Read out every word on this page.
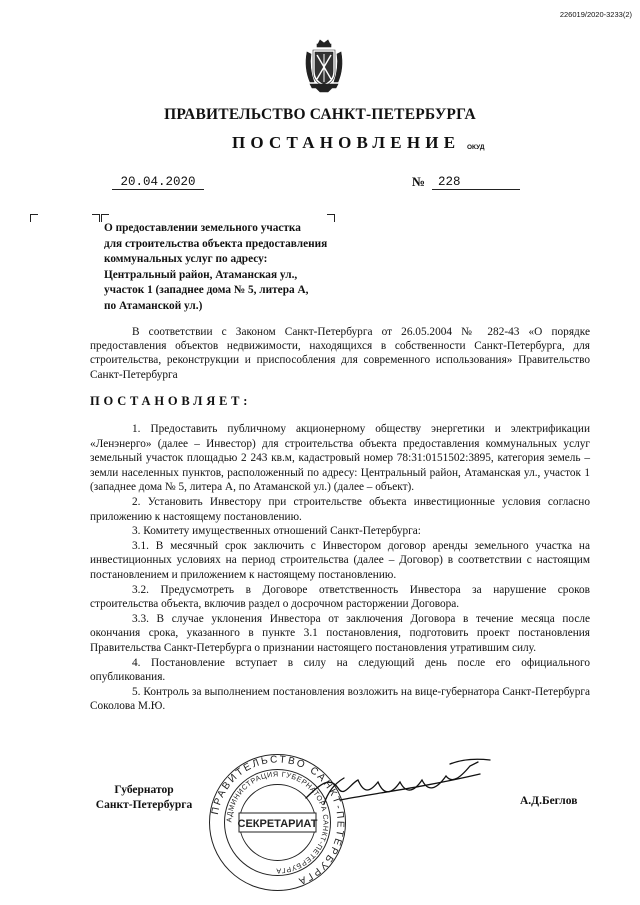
226019/2020-3233(2)
ПРАВИТЕЛЬСТВО САНКТ-ПЕТЕРБУРГА
ПОСТАНОВЛЕНИЕ ОКУД
20.04.2020	№	228
О предоставлении земельного участка
для строительства объекта предоставления
коммунальных услуг по адресу:
Центральный район, Атаманская ул.,
участок 1 (западнее дома № 5, литера А,
по Атаманской ул.)
В соответствии с Законом Санкт-Петербурга от 26.05.2004 № 282-43 «О порядке предоставления объектов недвижимости, находящихся в собственности Санкт-Петербурга, для строительства, реконструкции и приспособления для современного использования» Правительство Санкт-Петербурга
ПОСТАНОВЛЯЕТ:

1. Предоставить публичному акционерному обществу энергетики и электрификации «Ленэнерго» (далее – Инвестор) для строительства объекта предоставления коммунальных услуг земельный участок площадью 2 243 кв.м, кадастровый номер 78:31:0151502:3895, категория земель – земли населенных пунктов, расположенный по адресу: Центральный район, Атаманская ул., участок 1 (западнее дома № 5, литера А, по Атаманской ул.) (далее – объект).

2. Установить Инвестору при строительстве объекта инвестиционные условия согласно приложению к настоящему постановлению.

3. Комитету имущественных отношений Санкт-Петербурга:

3.1. В месячный срок заключить с Инвестором договор аренды земельного участка на инвестиционных условиях на период строительства (далее – Договор) в соответствии с настоящим постановлением и приложением к настоящему постановлению.

3.2. Предусмотреть в Договоре ответственность Инвестора за нарушение сроков строительства объекта, включив раздел о досрочном расторжении Договора.

3.3. В случае уклонения Инвестора от заключения Договора в течение месяца после окончания срока, указанного в пункте 3.1 постановления, подготовить проект постановления Правительства Санкт-Петербурга о признании настоящего постановления утратившим силу.

4. Постановление вступает в силу на следующий день после его официального опубликования.

5. Контроль за выполнением постановления возложить на вице-губернатора Санкт-Петербурга Соколова М.Ю.

Губернатор
Санкт-Петербурга	ПРАВИТЕЛЬСТВО САНКТ-ПЕТЕРБУРГА
АДМИНИСТРАЦИЯ ГУБЕРНАТОРА САНКТ-ПЕТЕРБУРГА
СЕКРЕТАРИАТ
А.Д.Беглов
